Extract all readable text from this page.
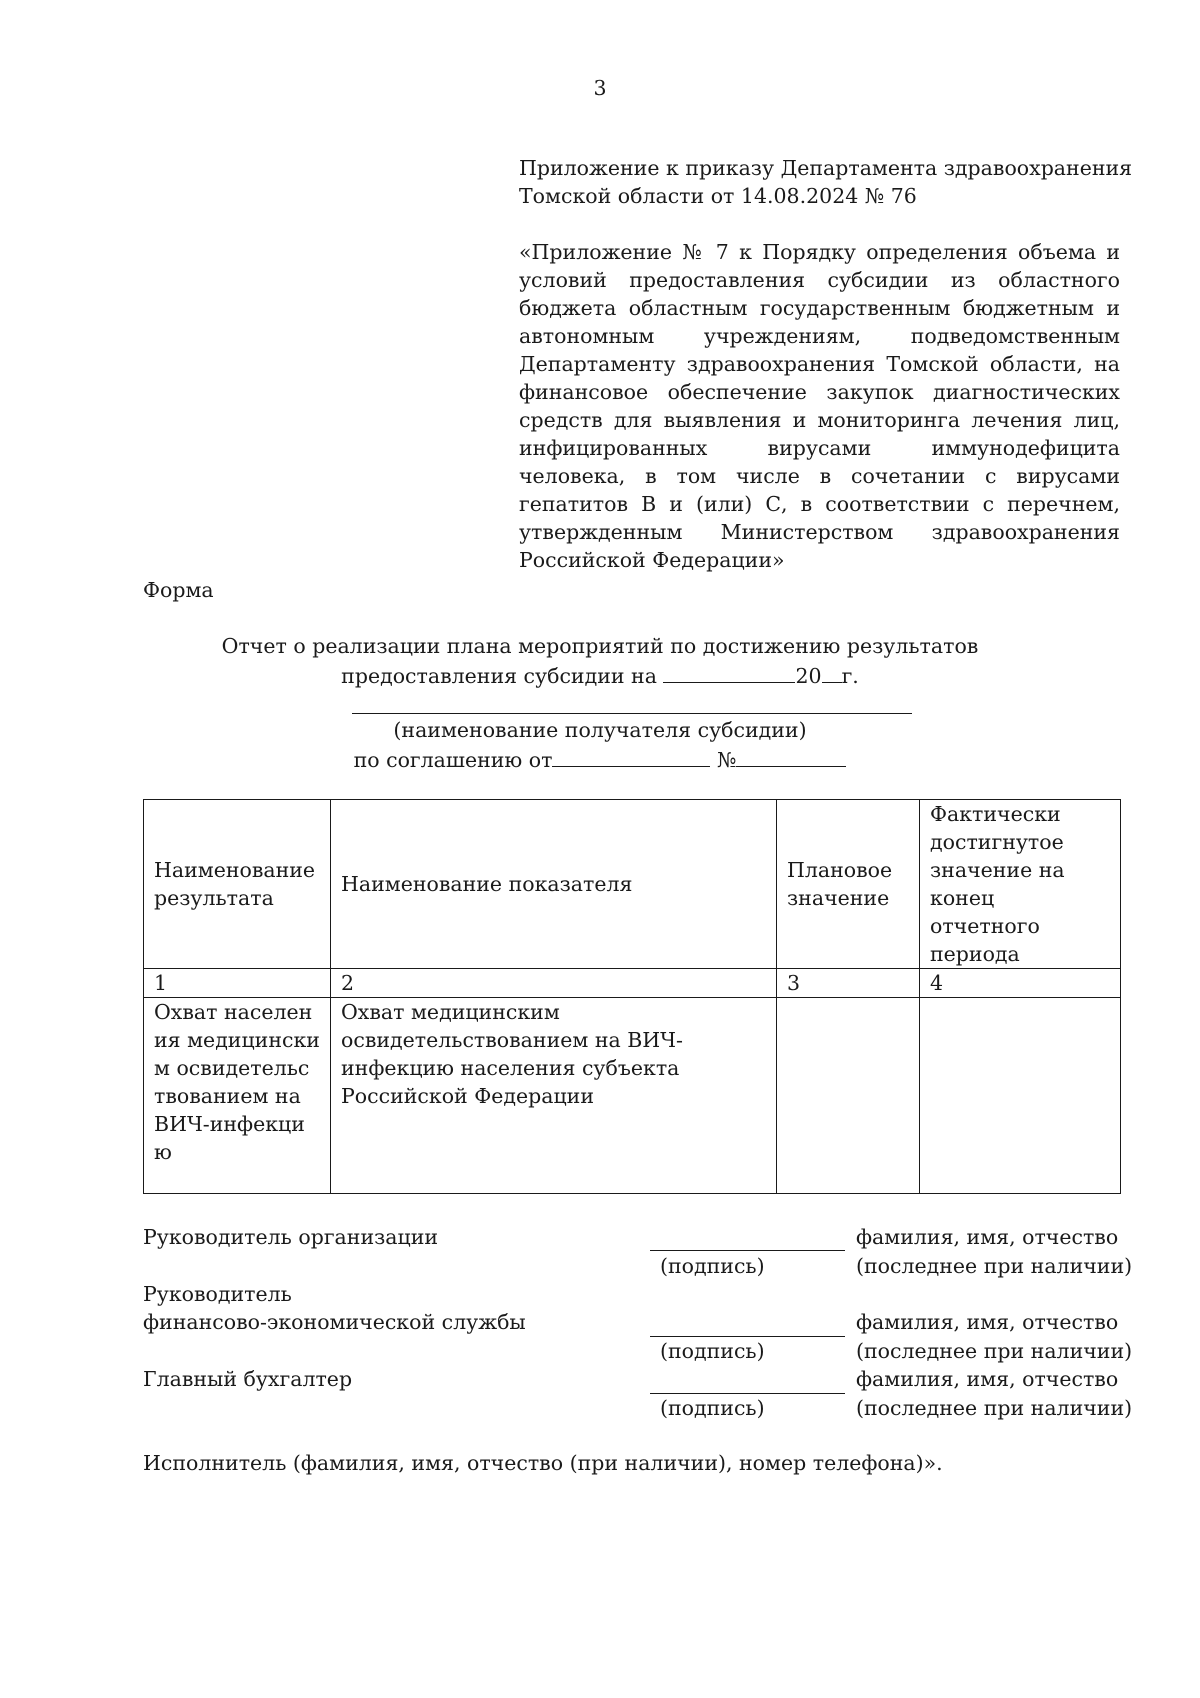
3
Приложение к приказу Департамента здравоохранения
Томской области от 14.08.2024 № 76
«Приложение № 7 к Порядку определения объема и условий предоставления субсидии из областного бюджета областным государственным бюджетным и автономным учреждениям, подведомственным Департаменту здравоохранения Томской области, на финансовое обеспечение закупок диагностических средств для выявления и мониторинга лечения лиц, инфицированных вирусами иммунодефицита человека, в том числе в сочетании с вирусами гепатитов В и (или) С, в соответствии с перечнем, утвержденным Министерством здравоохранения Российской Федерации»
Форма
Отчет о реализации плана мероприятий по достижению результатов
предоставления субсидии на	20 г.
(наименование получателя субсидии)
по соглашению от	№
Наименование результата	Наименование показателя	Плановое значение	Фактически достигнутое значение на конец отчетного периода
1	2	3	4
Охват населения медицинским освидетельствованием на ВИЧ-инфекцию	Охват медицинским освидетельствованием на ВИЧ-инфекцию населения субъекта Российской Федерации		
Руководитель организации	фамилия, имя, отчество
(подпись)	(последнее при наличии)
Руководитель
финансово-экономической службы	фамилия, имя, отчество
(подпись)	(последнее при наличии)
Главный бухгалтер	фамилия, имя, отчество
(подпись)	(последнее при наличии)
Исполнитель (фамилия, имя, отчество (при наличии), номер телефона)».
